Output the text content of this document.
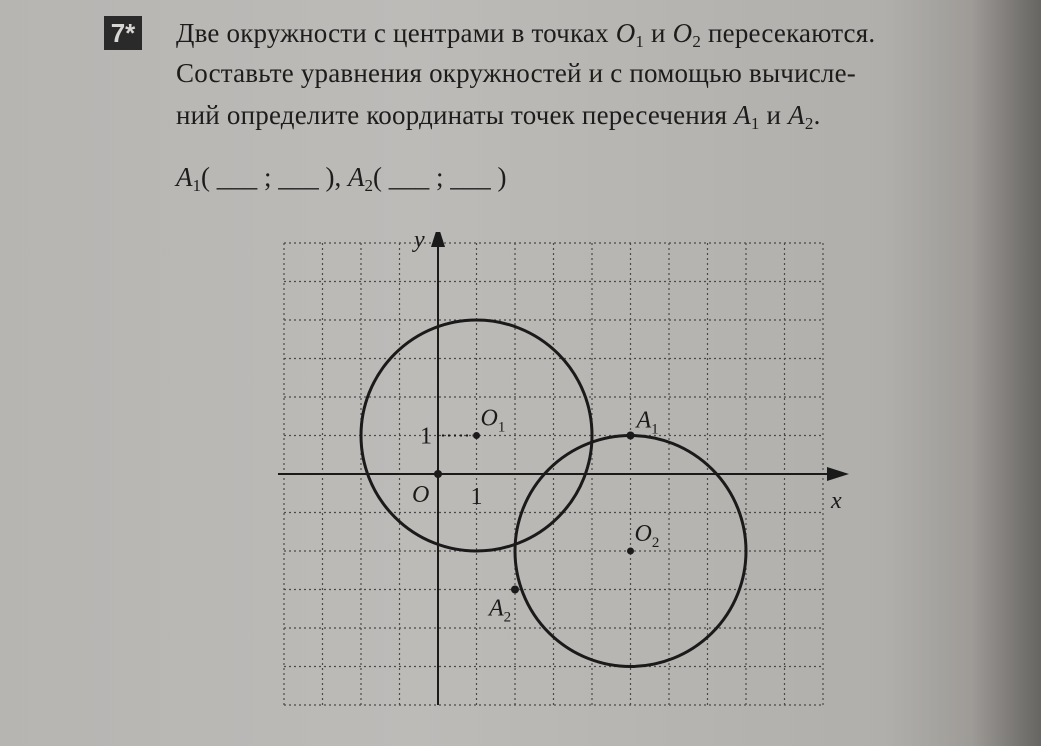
7* Две окружности с центрами в точках $O_1$ и $O_2$ пересекаются.
Составьте уравнения окружностей и с помощью вычисле-
ний определите координаты точек пересечения $A_1$ и $A_2$.
$A_1$( ___ ; ___ ), $A_2$( ___ ; ___ )
x
y
O 1
1
$O_1$
$O_2$
$A_1$
$A_2$
